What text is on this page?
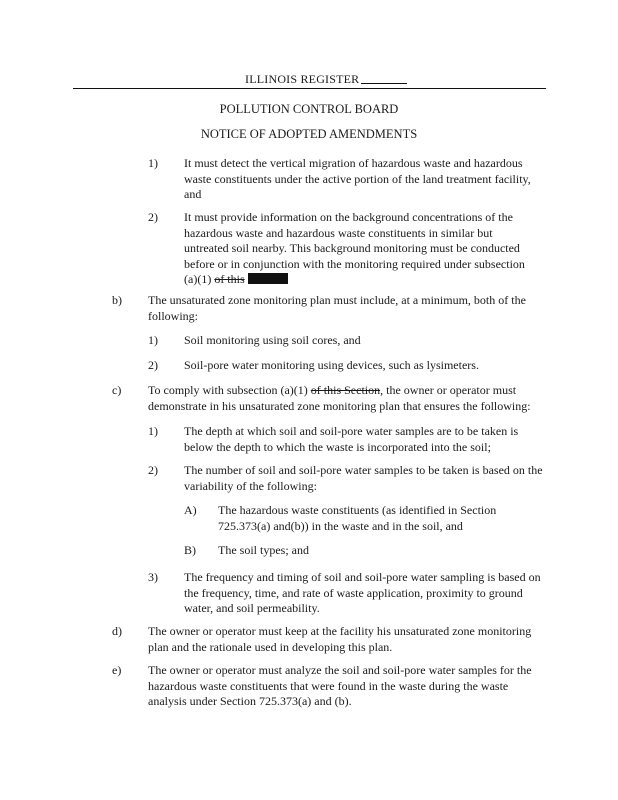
ILLINOIS REGISTER
POLLUTION CONTROL BOARD
NOTICE OF ADOPTED AMENDMENTS
1) It must detect the vertical migration of hazardous waste and hazardous waste constituents under the active portion of the land treatment facility, and
2) It must provide information on the background concentrations of the hazardous waste and hazardous waste constituents in similar but untreated soil nearby. This background monitoring must be conducted before or in conjunction with the monitoring required under subsection (a)(1) of this
b) The unsaturated zone monitoring plan must include, at a minimum, both of the following:
1) Soil monitoring using soil cores, and
2) Soil-pore water monitoring using devices, such as lysimeters.
c) To comply with subsection (a)(1) of this Section, the owner or operator must demonstrate in his unsaturated zone monitoring plan that ensures the following:
1) The depth at which soil and soil-pore water samples are to be taken is below the depth to which the waste is incorporated into the soil;
2) The number of soil and soil-pore water samples to be taken is based on the variability of the following:
A) The hazardous waste constituents (as identified in Section 725.373(a) and(b)) in the waste and in the soil, and
B) The soil types; and
3) The frequency and timing of soil and soil-pore water sampling is based on the frequency, time, and rate of waste application, proximity to ground water, and soil permeability.
d) The owner or operator must keep at the facility his unsaturated zone monitoring plan and the rationale used in developing this plan.
e) The owner or operator must analyze the soil and soil-pore water samples for the hazardous waste constituents that were found in the waste during the waste analysis under Section 725.373(a) and (b).
